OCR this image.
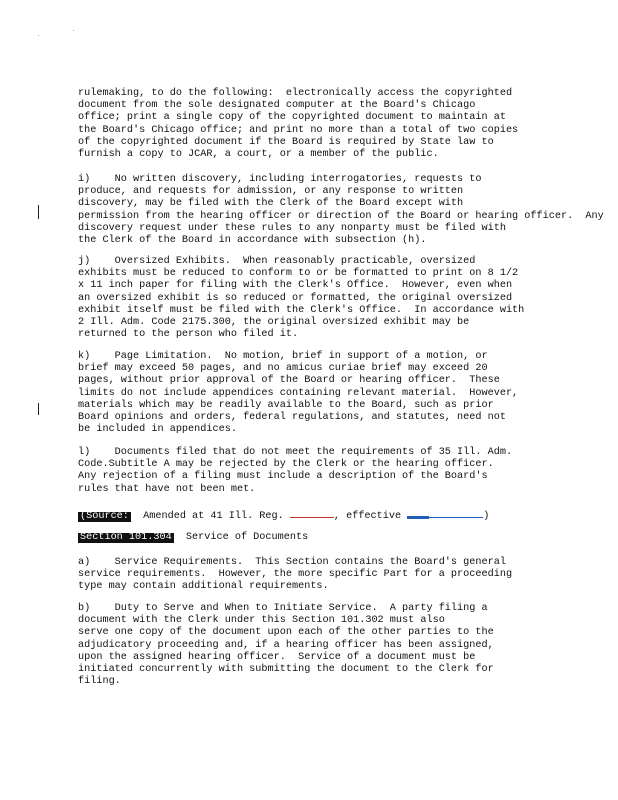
rulemaking, to do the following:  electronically access the copyrighted
document from the sole designated computer at the Board's Chicago
office; print a single copy of the copyrighted document to maintain at
the Board's Chicago office; and print no more than a total of two copies
of the copyrighted document if the Board is required by State law to
furnish a copy to JCAR, a court, or a member of the public.

i)    No written discovery, including interrogatories, requests to
produce, and requests for admission, or any response to written
discovery, may be filed with the Clerk of the Board except with
permission from the hearing officer or direction of the Board or hearing officer.  Any
discovery request under these rules to any nonparty must be filed with
the Clerk of the Board in accordance with subsection (h).

j)    Oversized Exhibits.  When reasonably practicable, oversized
exhibits must be reduced to conform to or be formatted to print on 8 1/2
x 11 inch paper for filing with the Clerk's Office.  However, even when
an oversized exhibit is so reduced or formatted, the original oversized
exhibit itself must be filed with the Clerk's Office.  In accordance with
2 Ill. Adm. Code 2175.300, the original oversized exhibit may be
returned to the person who filed it.

k)    Page Limitation.  No motion, brief in support of a motion, or
brief may exceed 50 pages, and no amicus curiae brief may exceed 20
pages, without prior approval of the Board or hearing officer.  These
limits do not include appendices containing relevant material.  However,
materials which may be readily available to the Board, such as prior
Board opinions and orders, federal regulations, and statutes, need not
be included in appendices.

l)    Documents filed that do not meet the requirements of 35 Ill. Adm.
Code.Subtitle A may be rejected by the Clerk or the hearing officer.
Any rejection of a filing must include a description of the Board's
rules that have not been met.

(Source:  Amended at 41 Ill. Reg.	, effective	)

Section 101.304  Service of Documents

a)    Service Requirements.  This Section contains the Board's general
service requirements.  However, the more specific Part for a proceeding
type may contain additional requirements.

b)    Duty to Serve and When to Initiate Service.  A party filing a
document with the Clerk under this Section 101.302 must also
serve one copy of the document upon each of the other parties to the
adjudicatory proceeding and, if a hearing officer has been assigned,
upon the assigned hearing officer.  Service of a document must be
initiated concurrently with submitting the document to the Clerk for
filing.
